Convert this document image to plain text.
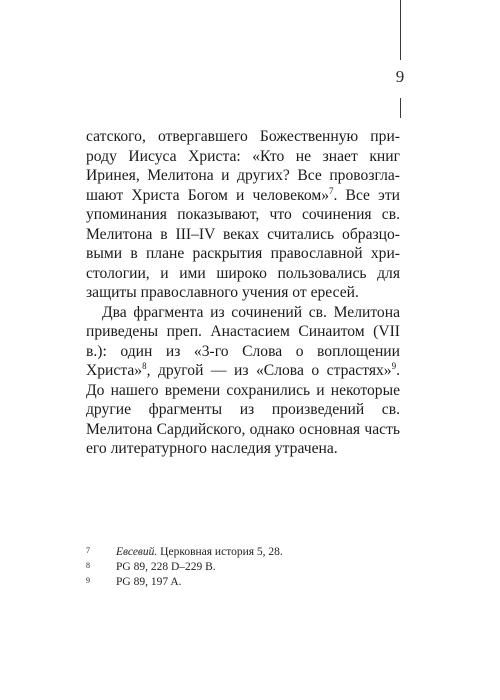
9

сатского, отвергавшего Божественную природу Иисуса Христа: «Кто не знает книг Иринея, Мелитона и других? Все провозглашают Христа Богом и человеком»$^7$. Все эти упоминания показывают, что сочинения св. Мелитона в III–IV веках считались образцовыми в плане раскрытия православной христологии, и ими широко пользовались для защиты православного учения от ересей.

Два фрагмента из сочинений св. Мелитона приведены преп. Анастасием Синаитом (VII в.): один из «3-го Слова о воплощении Христа»$^8$, другой — из «Слова о страстях»$^9$. До нашего времени сохранились и некоторые другие фрагменты из произведений св. Мелитона Сардийского, однако основная часть его литературного наследия утрачена.

7 Евсевий. Церковная история 5, 28.
8 PG 89, 228 D–229 B.
9 PG 89, 197 A.
